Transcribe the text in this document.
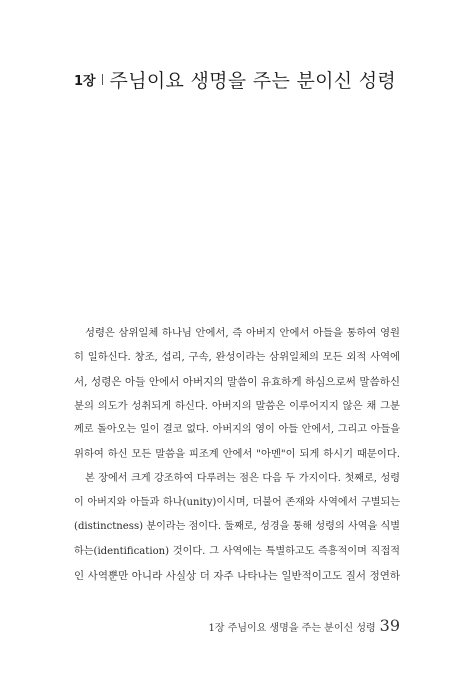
1장 주님이요 생명을 주는 분이신 성령
성령은 삼위일체 하나님 안에서, 즉 아버지 안에서 아들을 통하여 영원
히 일하신다. 창조, 섭리, 구속, 완성이라는 삼위일체의 모든 외적 사역에
서, 성령은 아들 안에서 아버지의 말씀이 유효하게 하심으로써 말씀하신
분의 의도가 성취되게 하신다. 아버지의 말씀은 이루어지지 않은 채 그분
께로 돌아오는 일이 결코 없다. 아버지의 영이 아들 안에서, 그리고 아들을
위하여 하신 모든 말씀을 피조계 안에서 "아멘"이 되게 하시기 때문이다.
본 장에서 크게 강조하여 다루려는 점은 다음 두 가지이다. 첫째로, 성령
이 아버지와 아들과 하나(unity)이시며, 더불어 존재와 사역에서 구별되는
(distinctness) 분이라는 점이다. 둘째로, 성경을 통해 성령의 사역을 식별
하는(identification) 것이다. 그 사역에는 특별하고도 즉흥적이며 직접적
인 사역뿐만 아니라 사실상 더 자주 나타나는 일반적이고도 질서 정연하
1장 주님이요 생명을 주는 분이신 성령 39
